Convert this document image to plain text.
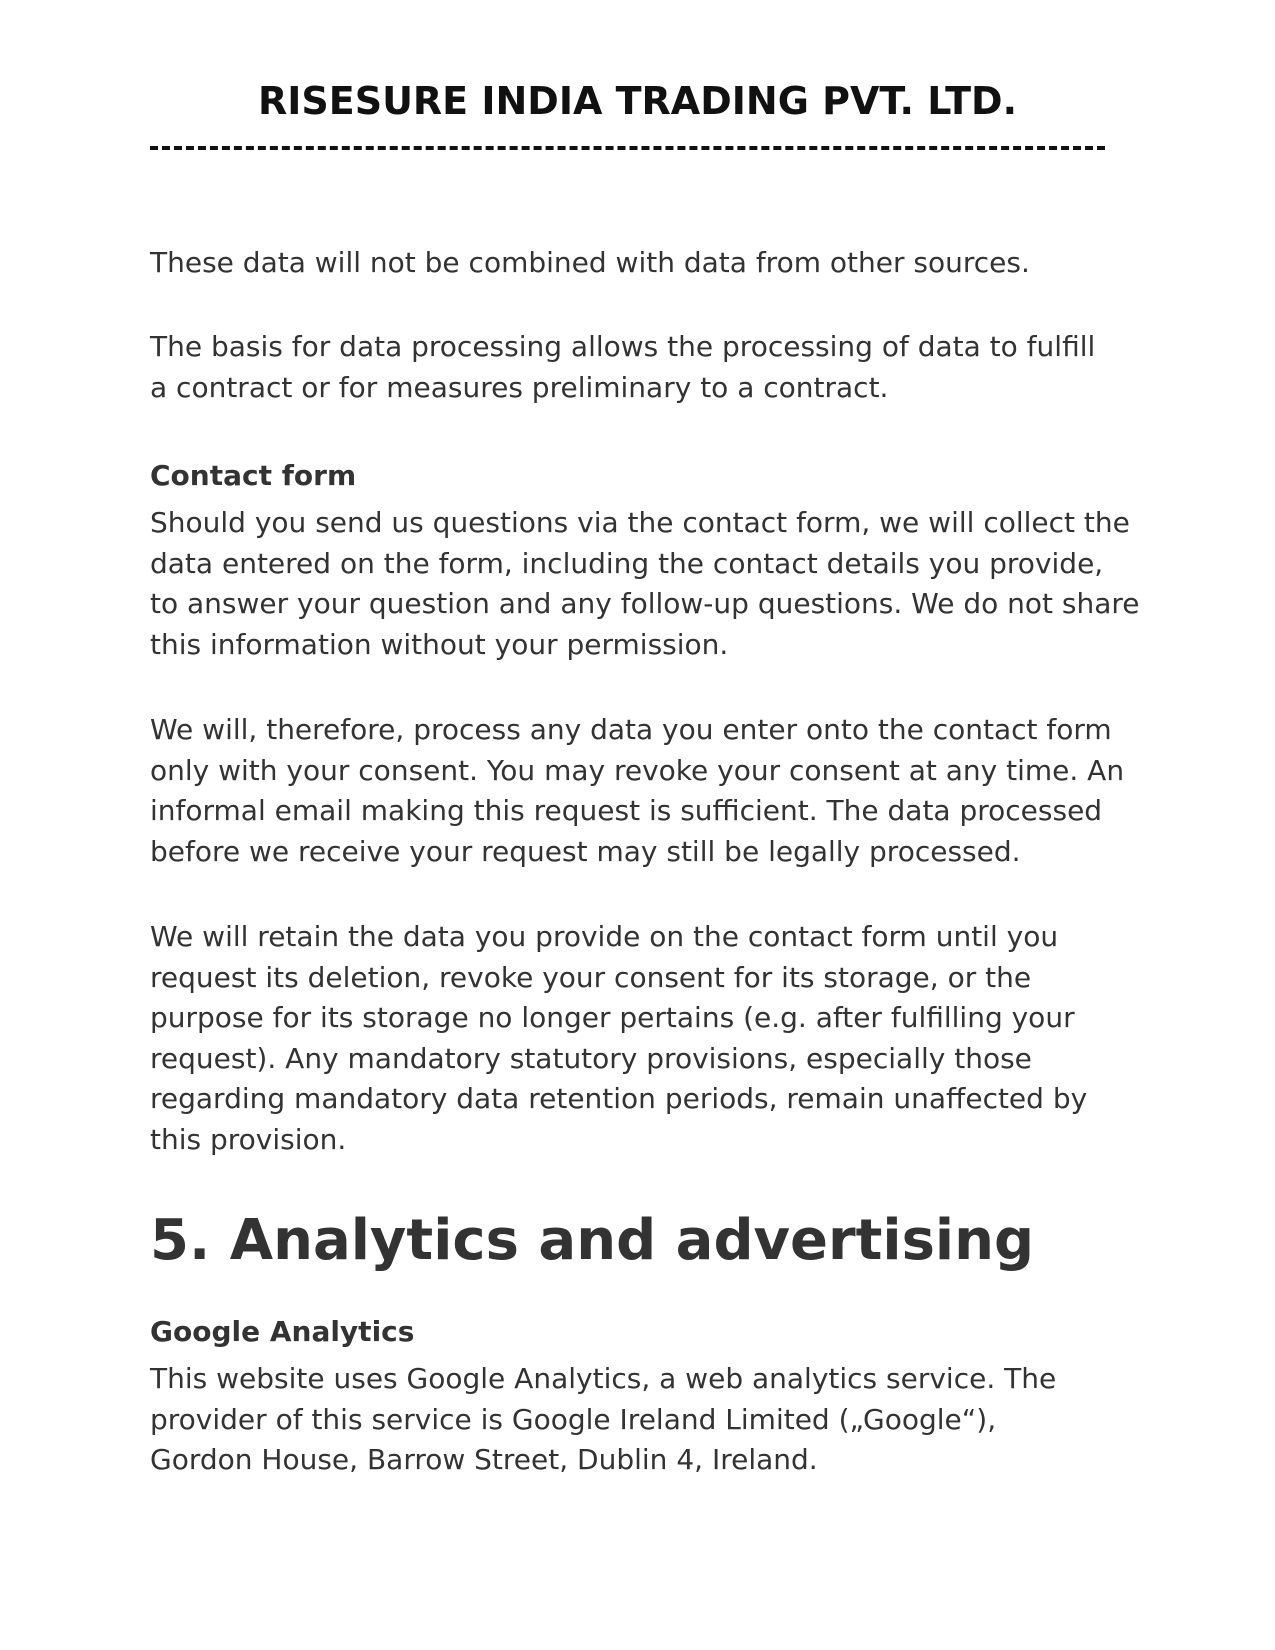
RISESURE INDIA TRADING PVT. LTD.

These data will not be combined with data from other sources.

The basis for data processing allows the processing of data to fulfill
a contract or for measures preliminary to a contract.

Contact form

Should you send us questions via the contact form, we will collect the
data entered on the form, including the contact details you provide,
to answer your question and any follow-up questions. We do not share
this information without your permission.

We will, therefore, process any data you enter onto the contact form
only with your consent. You may revoke your consent at any time. An
informal email making this request is sufficient. The data processed
before we receive your request may still be legally processed.

We will retain the data you provide on the contact form until you
request its deletion, revoke your consent for its storage, or the
purpose for its storage no longer pertains (e.g. after fulfilling your
request). Any mandatory statutory provisions, especially those
regarding mandatory data retention periods, remain unaffected by
this provision.

5. Analytics and advertising
Google Analytics

This website uses Google Analytics, a web analytics service. The
provider of this service is Google Ireland Limited („Google“),
Gordon House, Barrow Street, Dublin 4, Ireland.
